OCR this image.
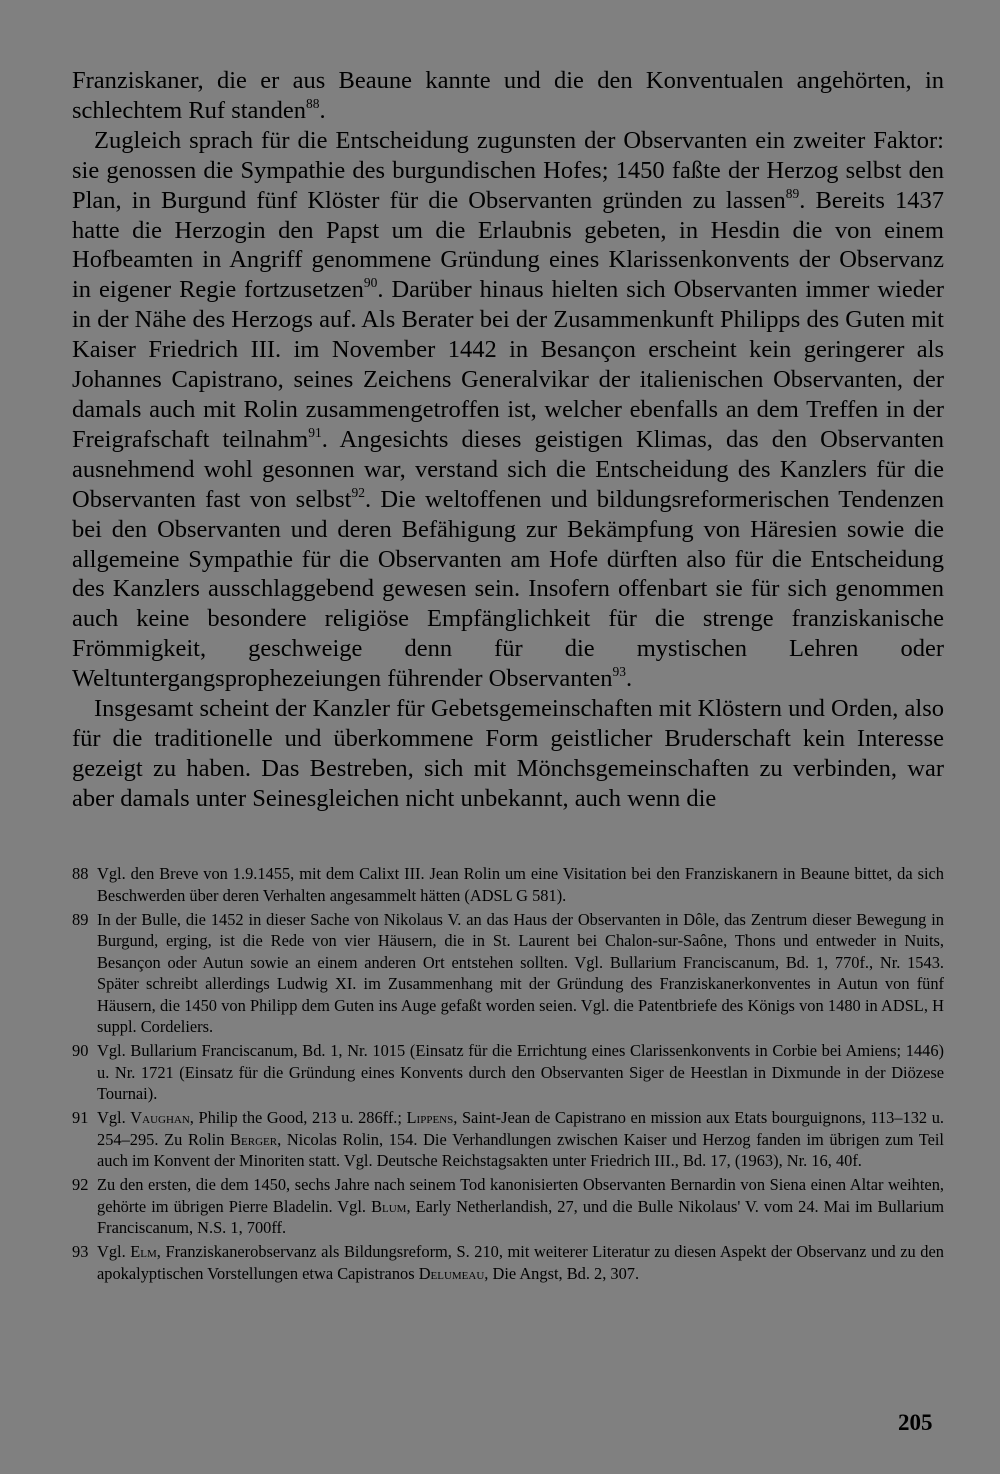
Franziskaner, die er aus Beaune kannte und die den Konventualen angehörten, in schlechtem Ruf standen$^{88}$.

Zugleich sprach für die Entscheidung zugunsten der Observanten ein zweiter Faktor: sie genossen die Sympathie des burgundischen Hofes; 1450 faßte der Herzog selbst den Plan, in Burgund fünf Klöster für die Observanten gründen zu lassen$^{89}$. Bereits 1437 hatte die Herzogin den Papst um die Erlaubnis gebeten, in Hesdin die von einem Hofbeamten in Angriff genommene Gründung eines Klarissenkonvents der Observanz in eigener Regie fortzusetzen$^{90}$. Darüber hinaus hielten sich Observanten immer wieder in der Nähe des Herzogs auf. Als Berater bei der Zusammenkunft Philipps des Guten mit Kaiser Friedrich III. im November 1442 in Besançon erscheint kein geringerer als Johannes Capistrano, seines Zeichens Generalvikar der italienischen Observanten, der damals auch mit Rolin zusammengetroffen ist, welcher ebenfalls an dem Treffen in der Freigrafschaft teilnahm$^{91}$. Angesichts dieses geistigen Klimas, das den Observanten ausnehmend wohl gesonnen war, verstand sich die Entscheidung des Kanzlers für die Observanten fast von selbst$^{92}$. Die weltoffenen und bildungsreformerischen Tendenzen bei den Observanten und deren Befähigung zur Bekämpfung von Häresien sowie die allgemeine Sympathie für die Observanten am Hofe dürften also für die Entscheidung des Kanzlers ausschlaggebend gewesen sein. Insofern offenbart sie für sich genommen auch keine besondere religiöse Empfänglichkeit für die strenge franziskanische Frömmigkeit, geschweige denn für die mystischen Lehren oder Weltuntergangsprophezeiungen führender Observanten$^{93}$.

Insgesamt scheint der Kanzler für Gebetsgemeinschaften mit Klöstern und Orden, also für die traditionelle und überkommene Form geistlicher Bruderschaft kein Interesse gezeigt zu haben. Das Bestreben, sich mit Mönchsgemeinschaften zu verbinden, war aber damals unter Seinesgleichen nicht unbekannt, auch wenn die

88 Vgl. den Breve von 1.9.1455, mit dem Calixt III. Jean Rolin um eine Visitation bei den Franziskanern in Beaune bittet, da sich Beschwerden über deren Verhalten angesammelt hätten (ADSL G 581).
89 In der Bulle, die 1452 in dieser Sache von Nikolaus V. an das Haus der Observanten in Dôle, das Zentrum dieser Bewegung in Burgund, erging, ist die Rede von vier Häusern, die in St. Laurent bei Chalon-sur-Saône, Thons und entweder in Nuits, Besançon oder Autun sowie an einem anderen Ort entstehen sollten. Vgl. Bullarium Franciscanum, Bd. 1, 770f., Nr. 1543. Später schreibt allerdings Ludwig XI. im Zusammenhang mit der Gründung des Franziskanerkonventes in Autun von fünf Häusern, die 1450 von Philipp dem Guten ins Auge gefaßt worden seien. Vgl. die Patentbriefe des Königs von 1480 in ADSL, H suppl. Cordeliers.
90 Vgl. Bullarium Franciscanum, Bd. 1, Nr. 1015 (Einsatz für die Errichtung eines Clarissenkonvents in Corbie bei Amiens; 1446) u. Nr. 1721 (Einsatz für die Gründung eines Konvents durch den Observanten Siger de Heestlan in Dixmunde in der Diözese Tournai).
91 Vgl. Vaughan, Philip the Good, 213 u. 286ff.; Lippens, Saint-Jean de Capistrano en mission aux Etats bourguignons, 113–132 u. 254–295. Zu Rolin Berger, Nicolas Rolin, 154. Die Verhandlungen zwischen Kaiser und Herzog fanden im übrigen zum Teil auch im Konvent der Minoriten statt. Vgl. Deutsche Reichstagsakten unter Friedrich III., Bd. 17, (1963), Nr. 16, 40f.
92 Zu den ersten, die dem 1450, sechs Jahre nach seinem Tod kanonisierten Observanten Bernardin von Siena einen Altar weihten, gehörte im übrigen Pierre Bladelin. Vgl. Blum, Early Netherlandish, 27, und die Bulle Nikolaus' V. vom 24. Mai im Bullarium Franciscanum, N.S. 1, 700ff.
93 Vgl. Elm, Franziskanerobservanz als Bildungsreform, S. 210, mit weiterer Literatur zu diesen Aspekt der Observanz und zu den apokalyptischen Vorstellungen etwa Capistranos Delumeau, Die Angst, Bd. 2, 307.
205
